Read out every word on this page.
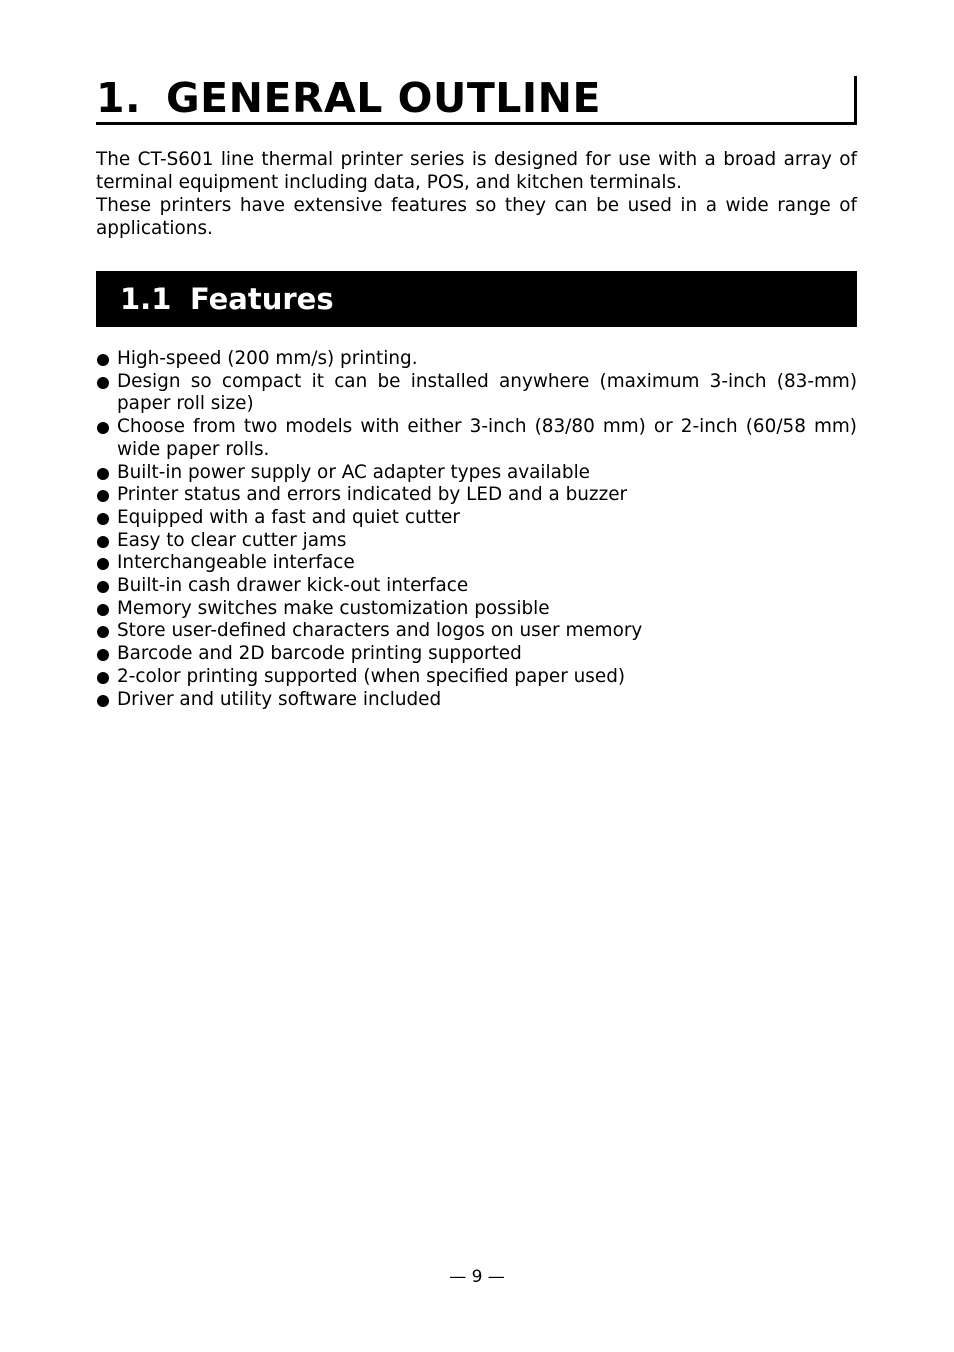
1. GENERAL OUTLINE

The CT-S601 line thermal printer series is designed for use with a broad array of terminal equipment including data, POS, and kitchen terminals.

These printers have extensive features so they can be used in a wide range of applications.

1.1 Features
High-speed (200 mm/s) printing.
Design so compact it can be installed anywhere (maximum 3-inch (83-mm) paper roll size)
Choose from two models with either 3-inch (83/80 mm) or 2-inch (60/58 mm) wide paper rolls.
Built-in power supply or AC adapter types available
Printer status and errors indicated by LED and a buzzer
Equipped with a fast and quiet cutter
Easy to clear cutter jams
Interchangeable interface
Built-in cash drawer kick-out interface
Memory switches make customization possible
Store user-defined characters and logos on user memory
Barcode and 2D barcode printing supported
2-color printing supported (when specified paper used)
Driver and utility software included
— 9 —
